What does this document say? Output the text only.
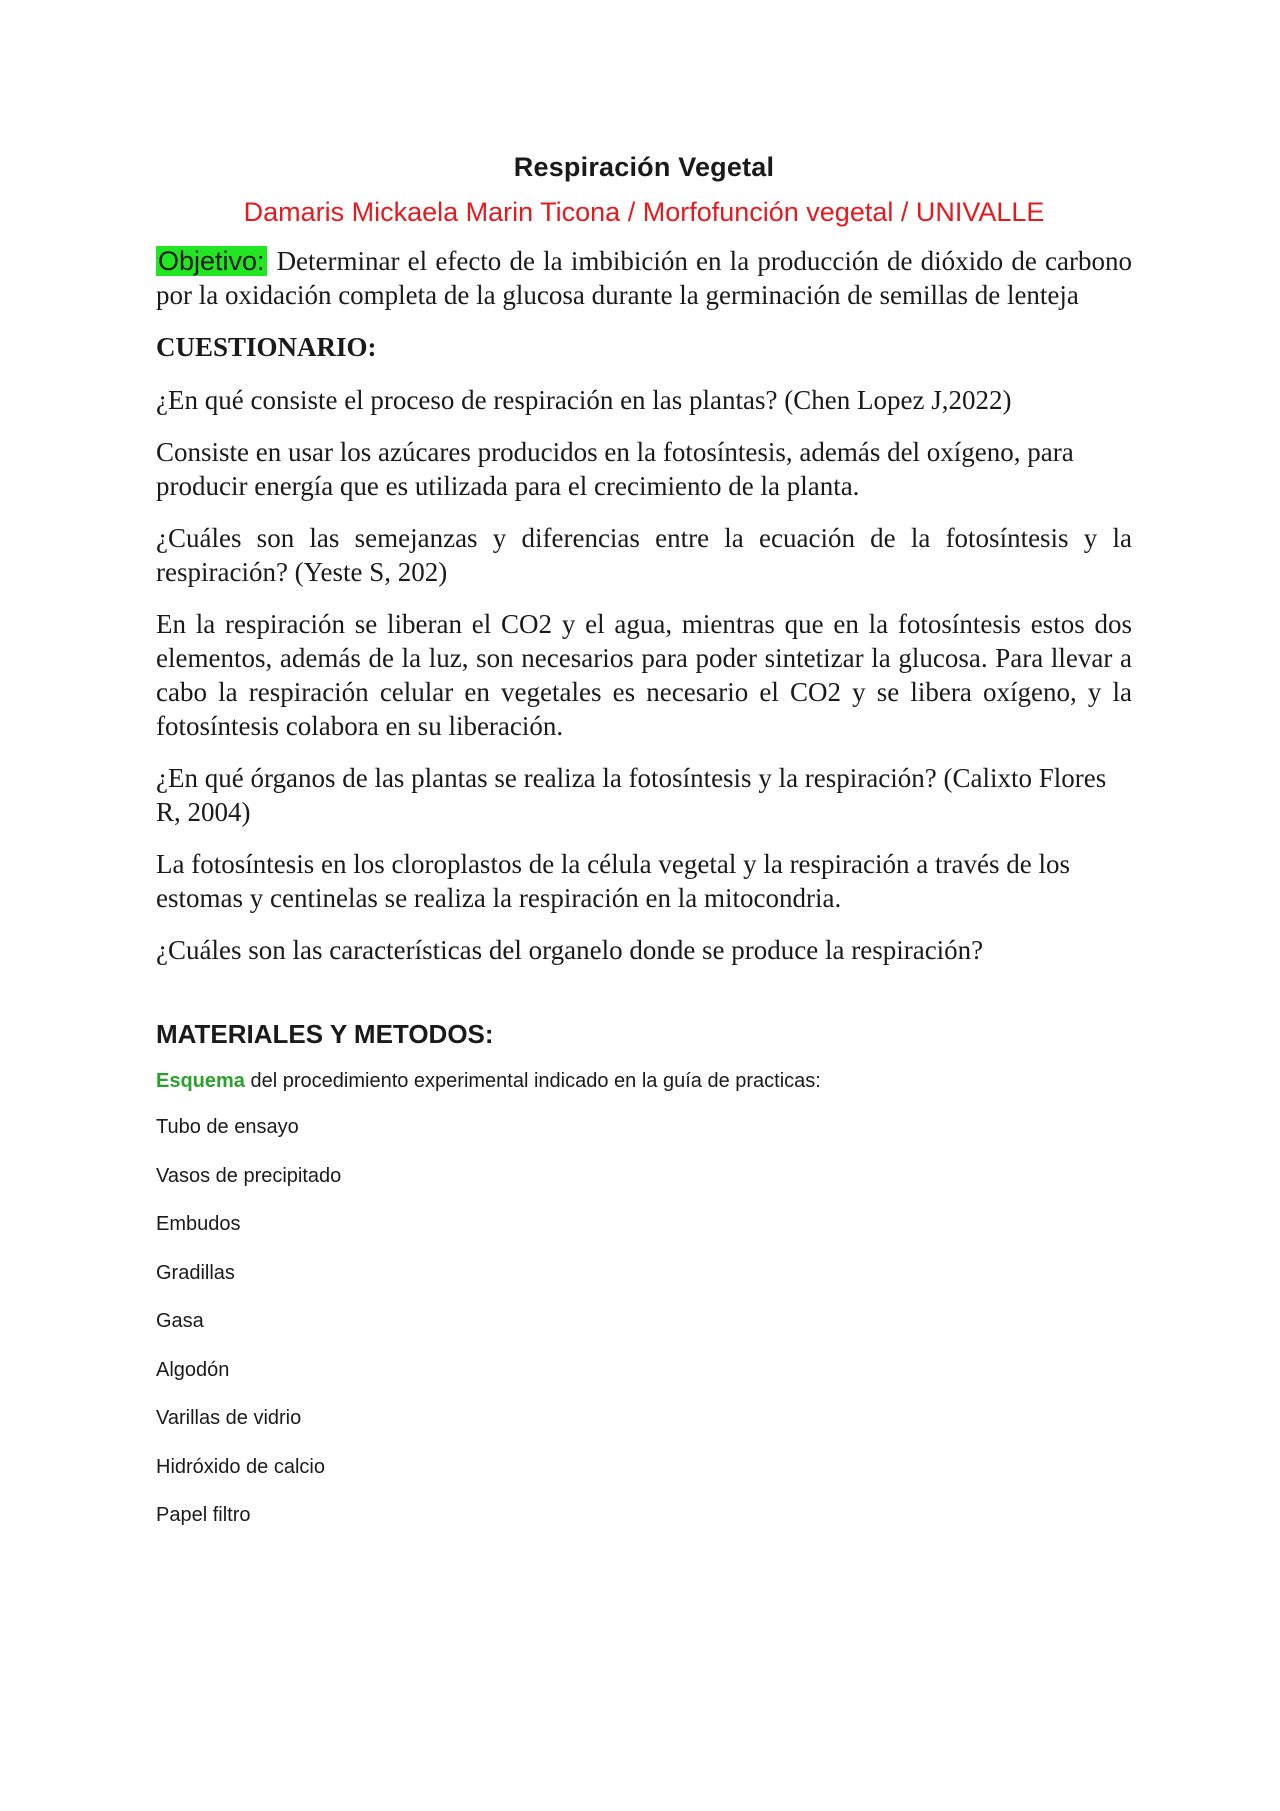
Respiración Vegetal

Damaris Mickaela Marin Ticona / Morfofunción vegetal / UNIVALLE

Objetivo: Determinar el efecto de la imbibición en la producción de dióxido de carbono por la oxidación completa de la glucosa durante la germinación de semillas de lenteja

CUESTIONARIO:

¿En qué consiste el proceso de respiración en las plantas? (Chen Lopez J,2022)

Consiste en usar los azúcares producidos en la fotosíntesis, además del oxígeno, para producir energía que es utilizada para el crecimiento de la planta.

¿Cuáles son las semejanzas y diferencias entre la ecuación de la fotosíntesis y la respiración? (Yeste S, 202)

En la respiración se liberan el CO2 y el agua, mientras que en la fotosíntesis estos dos elementos, además de la luz, son necesarios para poder sintetizar la glucosa. Para llevar a cabo la respiración celular en vegetales es necesario el CO2 y se libera oxígeno, y la fotosíntesis colabora en su liberación.

¿En qué órganos de las plantas se realiza la fotosíntesis y la respiración? (Calixto Flores R, 2004)

La fotosíntesis en los cloroplastos de la célula vegetal y la respiración a través de los estomas y centinelas se realiza la respiración en la mitocondria.

¿Cuáles son las características del organelo donde se produce la respiración?

MATERIALES Y METODOS:

Esquema del procedimiento experimental indicado en la guía de practicas:

Tubo de ensayo
Vasos de precipitado
Embudos
Gradillas
Gasa
Algodón
Varillas de vidrio
Hidróxido de calcio
Papel filtro
